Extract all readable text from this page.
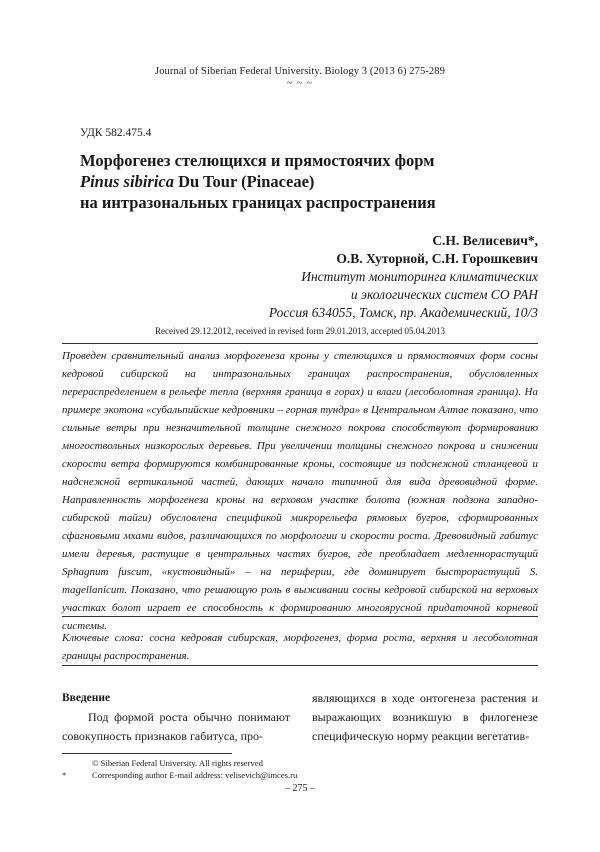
Journal of Siberian Federal University. Biology 3 (2013 6) 275-289
~ ~ ~
УДК 582.475.4
Морфогенез стелющихся и прямостоячих форм
Pinus sibirica Du Tour (Pinaceae)
на интразональных границах распространения
С.Н. Велисевич*,
О.В. Хуторной, С.Н. Горошкевич
Институт мониторинга климатических
и экологических систем СО РАН
Россия 634055, Томск, пр. Академический, 10/3
Received 29.12.2012, received in revised form 29.01.2013, accepted 05.04.2013
Проведен сравнительный анализ морфогенеза кроны у стелющихся и прямостоячих форм сосны кедровой сибирской на интразональных границах распространения, обусловленных перераспределением в рельефе тепла (верхняя граница в горах) и влаги (лесоболотная граница). На примере экотона «субальпийские кедровники – горная тундра» в Центральном Алтае показано, что сильные ветры при незначительной толщине снежного покрова способствуют формированию многоствольных низкорослых деревьев. При увеличении толщины снежного покрова и снижении скорости ветра формируются комбинированные кроны, состоящие из подснежной стланцевой и надснежной вертикальной частей, дающих начало типичной для вида древовидной форме. Направленность морфогенеза кроны на верховом участке болота (южная подзона западно-сибирской тайги) обусловлена спецификой микрорельефа рямовых бугров, сформированных сфагновыми мхами видов, различающихся по морфологии и скорости роста. Древовидный габитус имели деревья, растущие в центральных частях бугров, где преобладает медленнорастущий Sphagnum fuscum, «кустовидный» – на периферии, где доминирует быстрорастущий S. magellanicum. Показано, что решающую роль в выживании сосны кедровой сибирской на верховых участках болот играет ее способность к формированию многоярусной придаточной корневой системы.
Ключевые слова: сосна кедровая сибирская, морфогенез, форма роста, верхняя и лесоболотная границы распространения.
Введение
Под формой роста обычно понимают совокупность признаков габитуса, про-
являющихся в ходе онтогенеза растения и выражающих возникшую в филогенезе специфическую норму реакции вегетатив-
© Siberian Federal University. All rights reserved
*	Corresponding author E-mail address: velisevich@imces.ru
– 275 –
